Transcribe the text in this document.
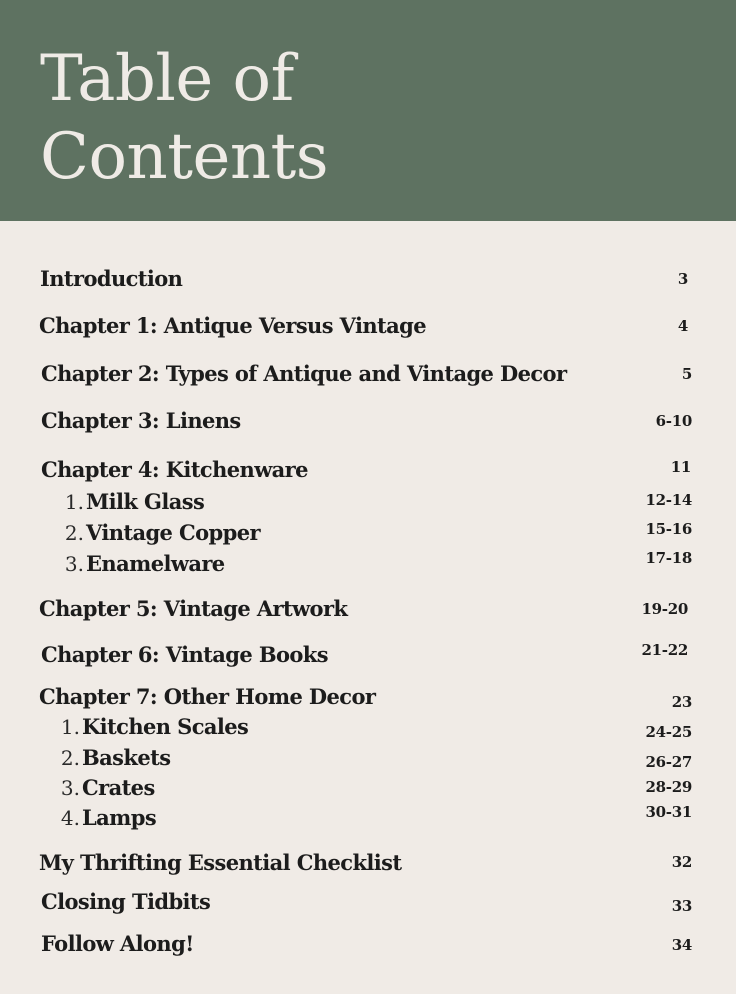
Table of
Contents
Introduction	3
Chapter 1: Antique Versus Vintage	4
Chapter 2: Types of Antique and Vintage Decor	5
Chapter 3: Linens	6-10
Chapter 4: Kitchenware	11
1. Milk Glass	12-14
2. Vintage Copper	15-16
3. Enamelware	17-18
Chapter 5: Vintage Artwork	19-20
Chapter 6: Vintage Books	21-22
Chapter 7: Other Home Decor	23
1. Kitchen Scales	24-25
2. Baskets	26-27
3. Crates	28-29
4. Lamps	30-31
My Thrifting Essential Checklist	32
Closing Tidbits	33
Follow Along!	34
